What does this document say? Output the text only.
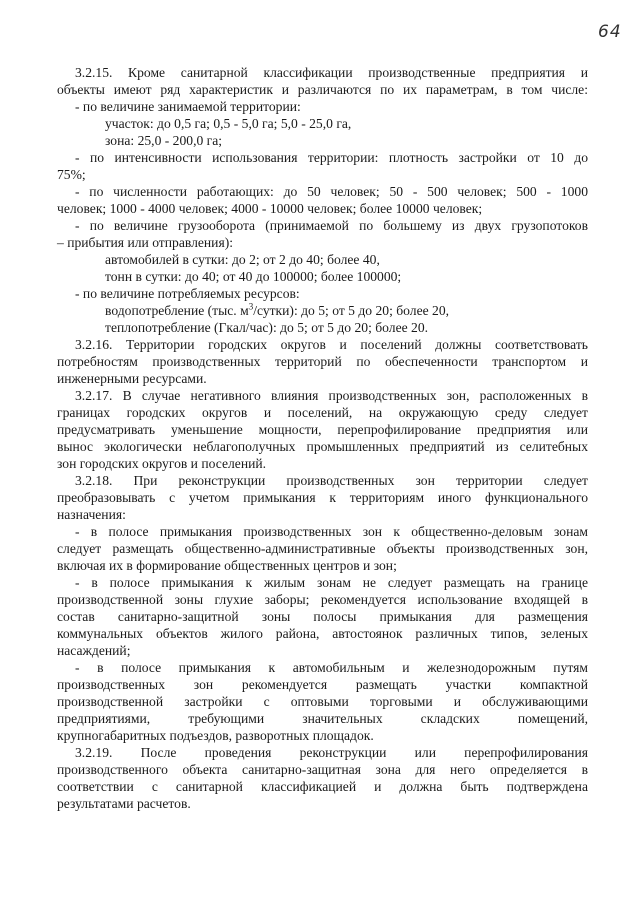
64
3.2.15. Кроме санитарной классификации производственные предприятия и
объекты имеют ряд характеристик и различаются по их параметрам, в том числе:
- по величине занимаемой территории:
участок: до 0,5 га; 0,5 - 5,0 га; 5,0 - 25,0 га,
зона: 25,0 - 200,0 га;
- по интенсивности использования территории: плотность застройки от 10 до
75%;
- по численности работающих: до 50 человек; 50 - 500 человек; 500 - 1000
человек; 1000 - 4000 человек; 4000 - 10000 человек; более 10000 человек;
- по величине грузооборота (принимаемой по большему из двух грузопотоков
– прибытия или отправления):
автомобилей в сутки: до 2; от 2 до 40; более 40,
тонн в сутки: до 40; от 40 до 100000; более 100000;
- по величине потребляемых ресурсов:
водопотребление (тыс. $м^3/сутки$): до 5; от 5 до 20; более 20,
теплопотребление (Гкал/час): до 5; от 5 до 20; более 20.
3.2.16. Территории городских округов и поселений должны соответствовать
потребностям производственных территорий по обеспеченности транспортом и
инженерными ресурсами.
3.2.17. В случае негативного влияния производственных зон, расположенных в
границах городских округов и поселений, на окружающую среду следует
предусматривать уменьшение мощности, перепрофилирование предприятия или
вынос экологически неблагополучных промышленных предприятий из селитебных
зон городских округов и поселений.
3.2.18. При реконструкции производственных зон территории следует
преобразовывать с учетом примыкания к территориям иного функционального
назначения:
- в полосе примыкания производственных зон к общественно-деловым зонам
следует размещать общественно-административные объекты производственных зон,
включая их в формирование общественных центров и зон;
- в полосе примыкания к жилым зонам не следует размещать на границе
производственной зоны глухие заборы; рекомендуется использование входящей в
состав санитарно-защитной зоны полосы примыкания для размещения
коммунальных объектов жилого района, автостоянок различных типов, зеленых
насаждений;
- в полосе примыкания к автомобильным и железнодорожным путям
производственных зон рекомендуется размещать участки компактной
производственной застройки с оптовыми торговыми и обслуживающими
предприятиями, требующими значительных складских помещений,
крупногабаритных подъездов, разворотных площадок.
3.2.19. После проведения реконструкции или перепрофилирования
производственного объекта санитарно-защитная зона для него определяется в
соответствии с санитарной классификацией и должна быть подтверждена
результатами расчетов.
